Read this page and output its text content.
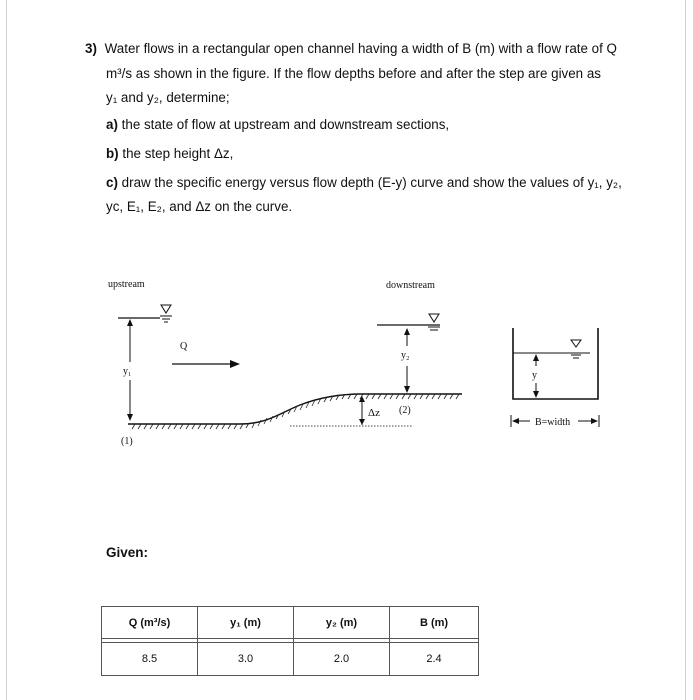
3) Water flows in a rectangular open channel having a width of B (m) with a flow rate of Q
m³/s as shown in the figure. If the flow depths before and after the step are given as
y₁ and y₂, determine;
a) the state of flow at upstream and downstream sections,
b) the step height Δz,
c) draw the specific energy versus flow depth (E-y) curve and show the values of y₁, y₂,
yc, E₁, E₂, and Δz on the curve.
upstream	downstream
y₁
Q
Δz (2)
(1)
y₂
y
B=width
Given:
Q (m³/s)	y₁ (m)	y₂ (m)	B (m)

8.5	3.0	2.0	2.4
